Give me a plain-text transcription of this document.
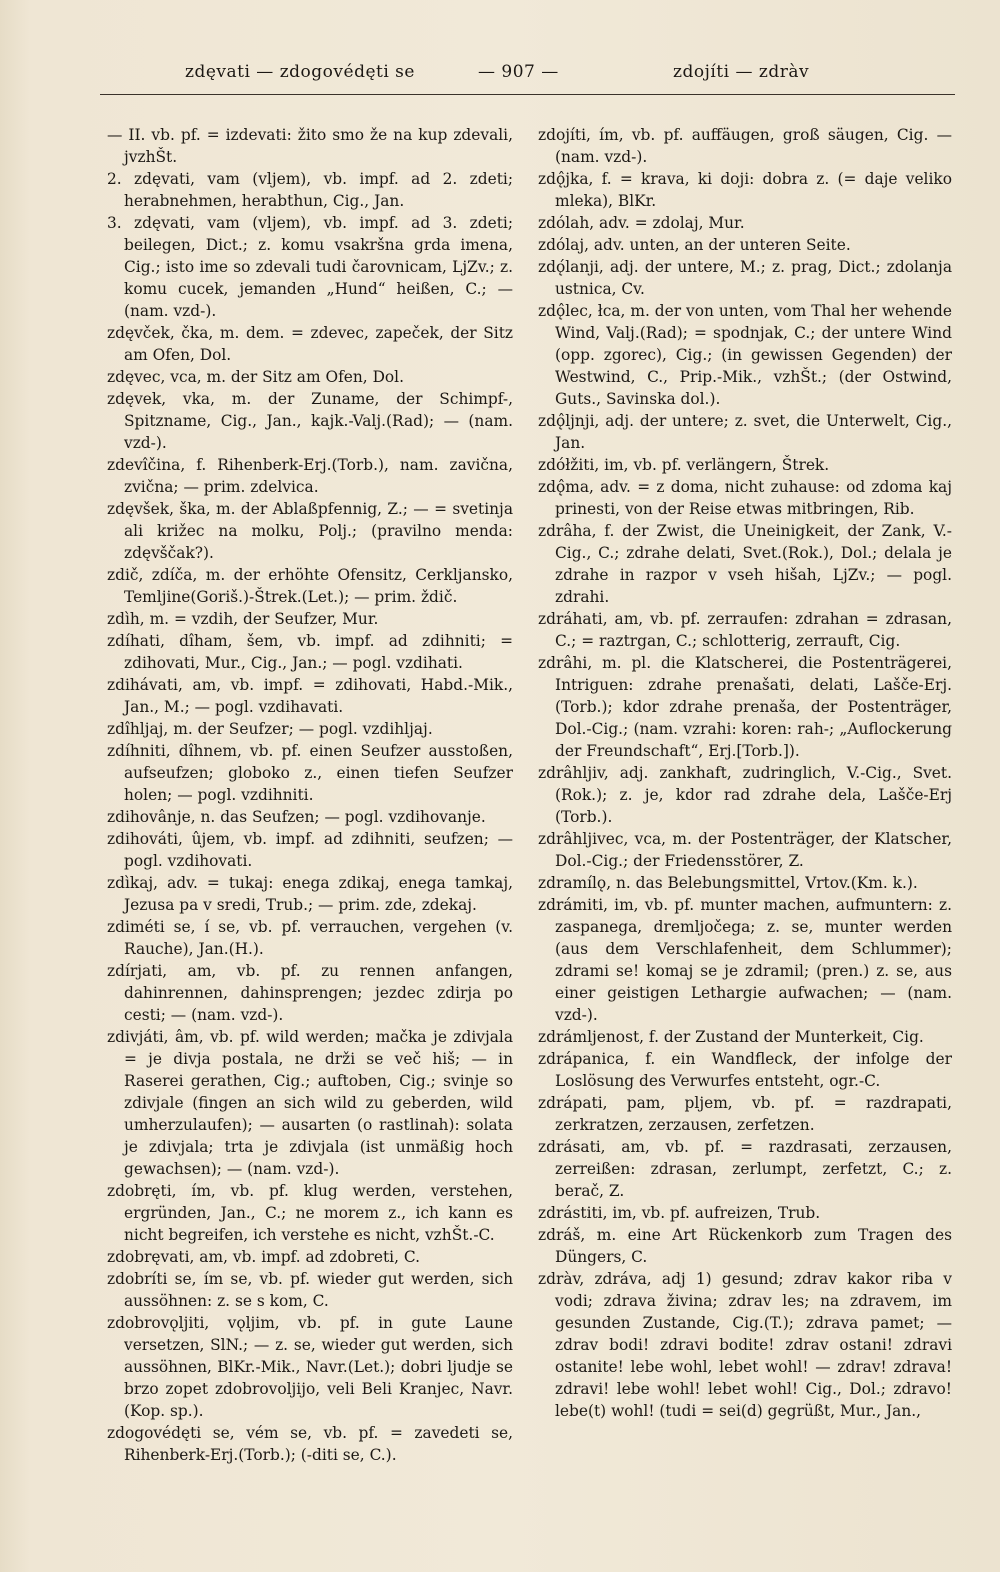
zdęvati — zdogovédęti se	— 907 —	zdojíti — zdràv

— II. vb. pf. = izdevati: žito smo že na kup zdevali, jvzhŠt.

2. zdęvati, vam (vljem), vb. impf. ad 2. zdeti; herabnehmen, herabthun, Cig., Jan.

3. zdęvati, vam (vljem), vb. impf. ad 3. zdeti; beilegen, Dict.; z. komu vsakršna grda imena, Cig.; isto ime so zdevali tudi čarovnicam, LjZv.; z. komu cucek, jemanden „Hund“ heißen, C.; — (nam. vzd-).

zdęvček, čka, m. dem. = zdevec, zapeček, der Sitz am Ofen, Dol.

zdęvec, vca, m. der Sitz am Ofen, Dol.

zdęvek, vka, m. der Zuname, der Schimpf-, Spitzname, Cig., Jan., kajk.-Valj.(Rad); — (nam. vzd-).

zdevîčina, f. Rihenberk-Erj.(Torb.), nam. zavična, zvična; — prim. zdelvica.

zdęvšek, ška, m. der Ablaßpfennig, Z.; — = svetinja ali križec na molku, Polj.; (pravilno menda: zdęvščak?).

zdič, zdíča, m. der erhöhte Ofensitz, Cerkljansko, Temljine(Goriš.)-Štrek.(Let.); — prim. ždič.

zdìh, m. = vzdih, der Seufzer, Mur.

zdíhati, dîham, šem, vb. impf. ad zdihniti; = zdihovati, Mur., Cig., Jan.; — pogl. vzdihati.

zdihávati, am, vb. impf. = zdihovati, Habd.-Mik., Jan., M.; — pogl. vzdihavati.

zdîhljaj, m. der Seufzer; — pogl. vzdihljaj.

zdíhniti, dîhnem, vb. pf. einen Seufzer ausstoßen, aufseufzen; globoko z., einen tiefen Seufzer holen; — pogl. vzdihniti.

zdihovânje, n. das Seufzen; — pogl. vzdihovanje.

zdihováti, ûjem, vb. impf. ad zdihniti, seufzen; — pogl. vzdihovati.

zdìkaj, adv. = tukaj: enega zdikaj, enega tamkaj, Jezusa pa v sredi, Trub.; — prim. zde, zdekaj.

zdiméti se, í se, vb. pf. verrauchen, vergehen (v. Rauche), Jan.(H.).

zdírjati, am, vb. pf. zu rennen anfangen, dahinrennen, dahinsprengen; jezdec zdirja po cesti; — (nam. vzd-).

zdivjáti, âm, vb. pf. wild werden; mačka je zdivjala = je divja postala, ne drži se več hiš; — in Raserei gerathen, Cig.; auftoben, Cig.; svinje so zdivjale (fingen an sich wild zu geberden, wild umherzulaufen); — ausarten (o rastlinah): solata je zdivjala; trta je zdivjala (ist unmäßig hoch gewachsen); — (nam. vzd-).

zdobręti, ím, vb. pf. klug werden, verstehen, ergründen, Jan., C.; ne morem z., ich kann es nicht begreifen, ich verstehe es nicht, vzhŠt.-C.

zdobręvati, am, vb. impf. ad zdobreti, C.

zdobríti se, ím se, vb. pf. wieder gut werden, sich aussöhnen: z. se s kom, C.

zdobrovǫljiti, vǫljim, vb. pf. in gute Laune versetzen, SlN.; — z. se, wieder gut werden, sich aussöhnen, BlKr.-Mik., Navr.(Let.); dobri ljudje se brzo zopet zdobrovoljijo, veli Beli Kranjec, Navr.(Kop. sp.).

zdogovédęti se, vém se, vb. pf. = zavedeti se, Rihenberk-Erj.(Torb.); (-diti se, C.).

zdojíti, ím, vb. pf. auffäugen, groß säugen, Cig. — (nam. vzd-).

zdǫ̂jka, f. = krava, ki doji: dobra z. (= daje veliko mleka), BlKr.

zdólah, adv. = zdolaj, Mur.

zdólaj, adv. unten, an der unteren Seite.

zdǫ́lanji, adj. der untere, M.; z. prag, Dict.; zdolanja ustnica, Cv.

zdǫ̂lec, łca, m. der von unten, vom Thal her wehende Wind, Valj.(Rad); = spodnjak, C.; der untere Wind (opp. zgorec), Cig.; (in gewissen Gegenden) der Westwind, C., Prip.-Mik., vzhŠt.; (der Ostwind, Guts., Savinska dol.).

zdǫ̂ljnji, adj. der untere; z. svet, die Unterwelt, Cig., Jan.

zdółžiti, im, vb. pf. verlängern, Štrek.

zdǫ̂ma, adv. = z doma, nicht zuhause: od zdoma kaj prinesti, von der Reise etwas mitbringen, Rib.

zdrâha, f. der Zwist, die Uneinigkeit, der Zank, V.-Cig., C.; zdrahe delati, Svet.(Rok.), Dol.; delala je zdrahe in razpor v vseh hišah, LjZv.; — pogl. zdrahi.

zdráhati, am, vb. pf. zerraufen: zdrahan = zdrasan, C.; = raztrgan, C.; schlotterig, zerrauft, Cig.

zdrâhi, m. pl. die Klatscherei, die Postenträgerei, Intriguen: zdrahe prenašati, delati, Lašče-Erj.(Torb.); kdor zdrahe prenaša, der Postenträger, Dol.-Cig.; (nam. vzrahi: koren: rah-; „Auflockerung der Freundschaft“, Erj.[Torb.]).

zdrâhljiv, adj. zankhaft, zudringlich, V.-Cig., Svet.(Rok.); z. je, kdor rad zdrahe dela, Lašče-Erj (Torb.).

zdrâhljivec, vca, m. der Postenträger, der Klatscher, Dol.-Cig.; der Friedensstörer, Z.

zdramílǫ, n. das Belebungsmittel, Vrtov.(Km. k.).

zdrámiti, im, vb. pf. munter machen, aufmuntern: z. zaspanega, dremljočega; z. se, munter werden (aus dem Verschlafenheit, dem Schlummer); zdrami se! komaj se je zdramil; (pren.) z. se, aus einer geistigen Lethargie aufwachen; — (nam. vzd-).

zdrámljenost, f. der Zustand der Munterkeit, Cig.

zdrápanica, f. ein Wandfleck, der infolge der Loslösung des Verwurfes entsteht, ogr.-C.

zdrápati, pam, pljem, vb. pf. = razdrapati, zerkratzen, zerzausen, zerfetzen.

zdrásati, am, vb. pf. = razdrasati, zerzausen, zerreißen: zdrasan, zerlumpt, zerfetzt, C.; z. berač, Z.

zdrástiti, im, vb. pf. aufreizen, Trub.

zdráš, m. eine Art Rückenkorb zum Tragen des Düngers, C.

zdràv, zdráva, adj 1) gesund; zdrav kakor riba v vodi; zdrava živina; zdrav les; na zdravem, im gesunden Zustande, Cig.(T.); zdrava pamet; — zdrav bodi! zdravi bodite! zdrav ostani! zdravi ostanite! lebe wohl, lebet wohl! — zdrav! zdrava! zdravi! lebe wohl! lebet wohl! Cig., Dol.; zdravo! lebe(t) wohl! (tudi = sei(d) gegrüßt, Mur., Jan.,
